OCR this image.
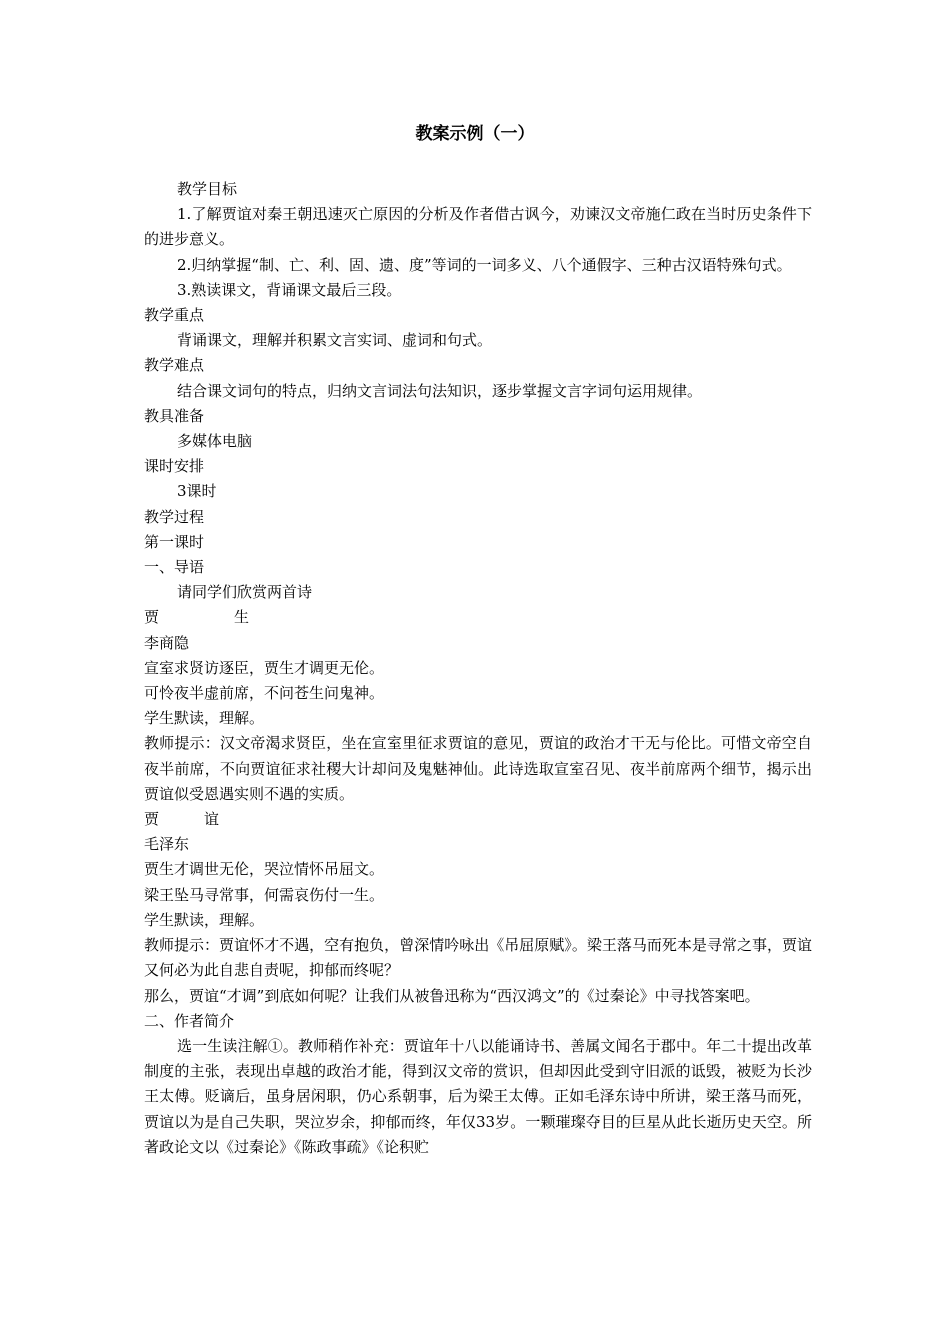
教案示例（一）

教学目标

1.了解贾谊对秦王朝迅速灭亡原因的分析及作者借古讽今，劝谏汉文帝施仁政在当时历史条件下的进步意义。

2.归纳掌握“制、亡、利、固、遗、度”等词的一词多义、八个通假字、三种古汉语特殊句式。

3.熟读课文，背诵课文最后三段。

教学重点

背诵课文，理解并积累文言实词、虚词和句式。

教学难点

结合课文词句的特点，归纳文言词法句法知识，逐步掌握文言字词句运用规律。

教具准备

多媒体电脑

课时安排

3课时

教学过程

第一课时

一、导语

请同学们欣赏两首诗

贾　　　　　生

李商隐

宣室求贤访逐臣，贾生才调更无伦。

可怜夜半虚前席，不问苍生问鬼神。

学生默读，理解。

教师提示：汉文帝渴求贤臣，坐在宣室里征求贾谊的意见，贾谊的政治才干无与伦比。可惜文帝空自夜半前席，不向贾谊征求社稷大计却问及鬼魅神仙。此诗选取宣室召见、夜半前席两个细节，揭示出贾谊似受恩遇实则不遇的实质。

贾　　　谊

毛泽东

贾生才调世无伦，哭泣情怀吊屈文。

梁王坠马寻常事，何需哀伤付一生。

学生默读，理解。

教师提示：贾谊怀才不遇，空有抱负，曾深情吟咏出《吊屈原赋》。梁王落马而死本是寻常之事，贾谊又何必为此自悲自责呢，抑郁而终呢？

那么，贾谊“才调”到底如何呢？让我们从被鲁迅称为“西汉鸿文”的《过秦论》中寻找答案吧。

二、作者简介

选一生读注解①。教师稍作补充：贾谊年十八以能诵诗书、善属文闻名于郡中。年二十提出改革制度的主张，表现出卓越的政治才能，得到汉文帝的赏识，但却因此受到守旧派的诋毁，被贬为长沙王太傅。贬谪后，虽身居闲职，仍心系朝事，后为梁王太傅。正如毛泽东诗中所讲，梁王落马而死，贾谊以为是自己失职，哭泣岁余，抑郁而终，年仅33岁。一颗璀璨夺目的巨星从此长逝历史天空。所著政论文以《过秦论》《陈政事疏》《论积贮
